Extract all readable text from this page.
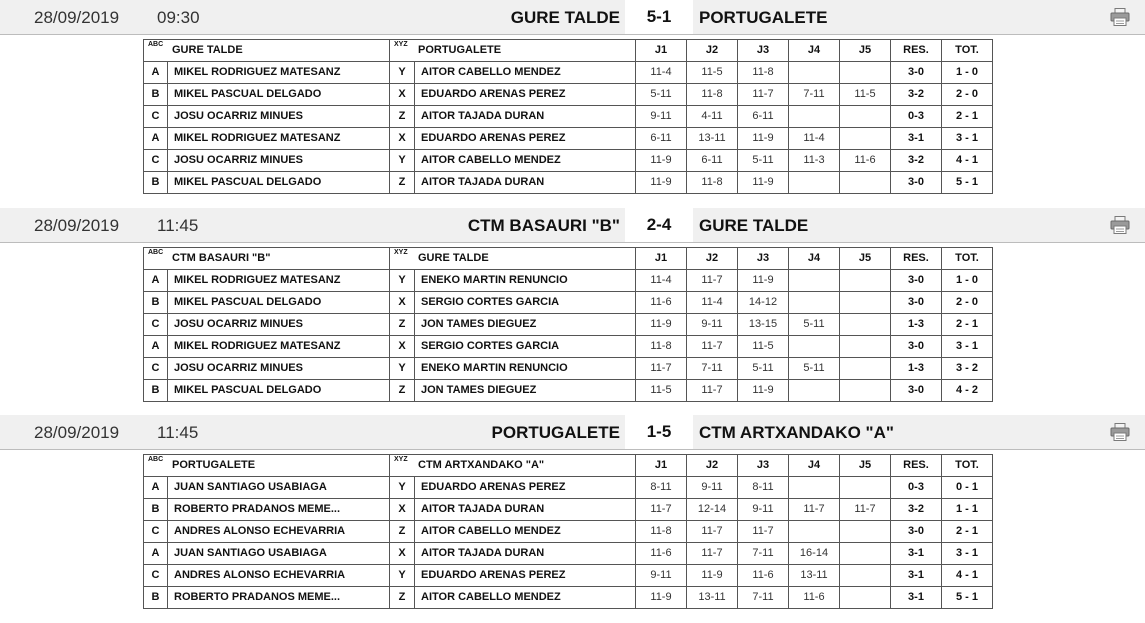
28/09/2019 09:30	GURE TALDE	5-1	PORTUGALETE
ABC GURE TALDE		XYZ PORTUGALETE		J1	J2	J3	J4	J5	RES.	TOT.
A	MIKEL RODRIGUEZ MATESANZ	Y	AITOR CABELLO MENDEZ	11-4	11-5	11-8			3-0	1 - 0
B	MIKEL PASCUAL DELGADO	X	EDUARDO ARENAS PEREZ	5-11	11-8	11-7	7-11	11-5	3-2	2 - 0
C	JOSU OCARRIZ MINUES	Z	AITOR TAJADA DURAN	9-11	4-11	6-11			0-3	2 - 1
A	MIKEL RODRIGUEZ MATESANZ	X	EDUARDO ARENAS PEREZ	6-11	13-11	11-9	11-4		3-1	3 - 1
C	JOSU OCARRIZ MINUES	Y	AITOR CABELLO MENDEZ	11-9	6-11	5-11	11-3	11-6	3-2	4 - 1
B	MIKEL PASCUAL DELGADO	Z	AITOR TAJADA DURAN	11-9	11-8	11-9			3-0	5 - 1
28/09/2019 11:45	CTM BASAURI "B"	2-4	GURE TALDE
ABC CTM BASAURI "B"		XYZ GURE TALDE		J1	J2	J3	J4	J5	RES.	TOT.
A	MIKEL RODRIGUEZ MATESANZ	Y	ENEKO MARTIN RENUNCIO	11-4	11-7	11-9			3-0	1 - 0
B	MIKEL PASCUAL DELGADO	X	SERGIO CORTES GARCIA	11-6	11-4	14-12			3-0	2 - 0
C	JOSU OCARRIZ MINUES	Z	JON TAMES DIEGUEZ	11-9	9-11	13-15	5-11		1-3	2 - 1
A	MIKEL RODRIGUEZ MATESANZ	X	SERGIO CORTES GARCIA	11-8	11-7	11-5			3-0	3 - 1
C	JOSU OCARRIZ MINUES	Y	ENEKO MARTIN RENUNCIO	11-7	7-11	5-11	5-11		1-3	3 - 2
B	MIKEL PASCUAL DELGADO	Z	JON TAMES DIEGUEZ	11-5	11-7	11-9			3-0	4 - 2
28/09/2019 11:45	PORTUGALETE	1-5	CTM ARTXANDAKO "A"
ABC PORTUGALETE		XYZ CTM ARTXANDAKO "A"		J1	J2	J3	J4	J5	RES.	TOT.
A	JUAN SANTIAGO USABIAGA	Y	EDUARDO ARENAS PEREZ	8-11	9-11	8-11			0-3	0 - 1
B	ROBERTO PRADANOS MEME...	X	AITOR TAJADA DURAN	11-7	12-14	9-11	11-7	11-7	3-2	1 - 1
C	ANDRES ALONSO ECHEVARRIA	Z	AITOR CABELLO MENDEZ	11-8	11-7	11-7			3-0	2 - 1
A	JUAN SANTIAGO USABIAGA	X	AITOR TAJADA DURAN	11-6	11-7	7-11	16-14		3-1	3 - 1
C	ANDRES ALONSO ECHEVARRIA	Y	EDUARDO ARENAS PEREZ	9-11	11-9	11-6	13-11		3-1	4 - 1
B	ROBERTO PRADANOS MEME...	Z	AITOR CABELLO MENDEZ	11-9	13-11	7-11	11-6		3-1	5 - 1
